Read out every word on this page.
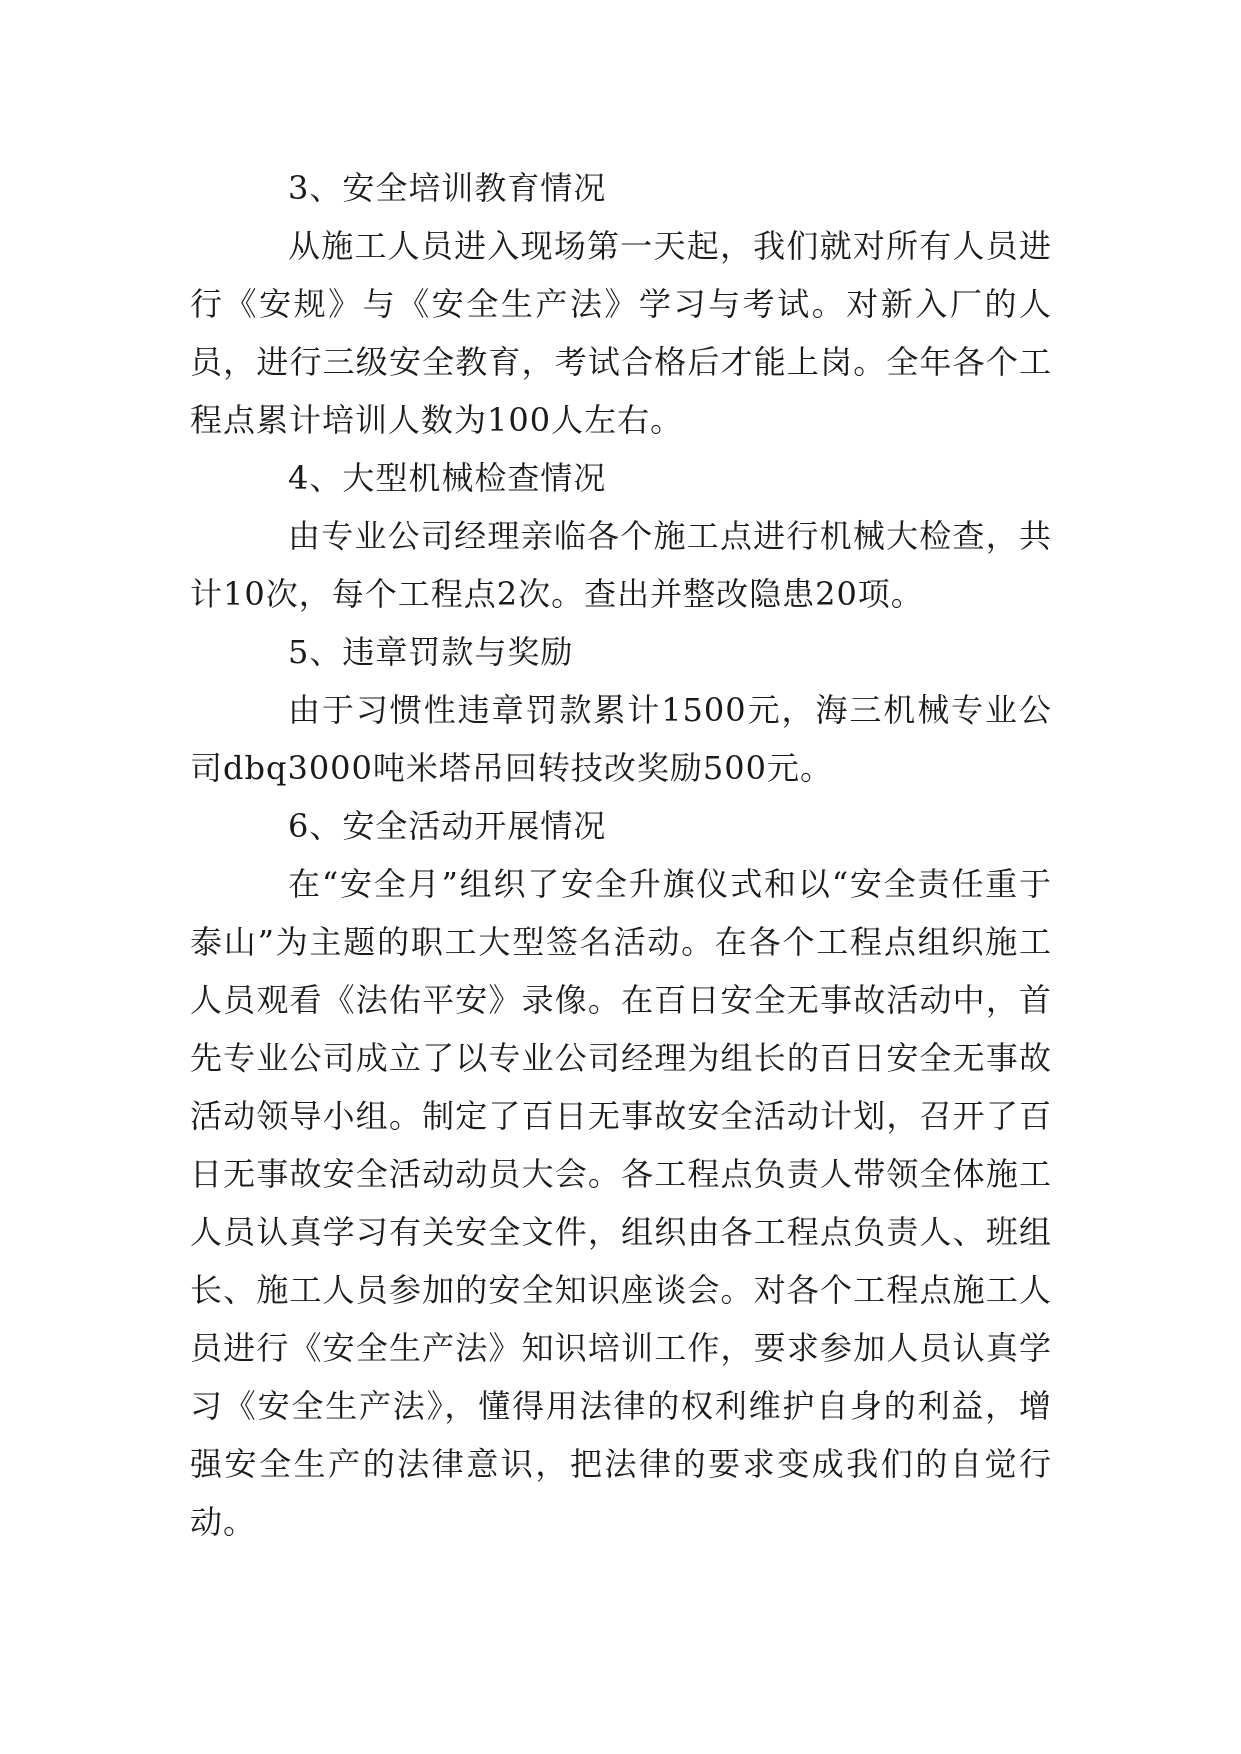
3、安全培训教育情况

从施工人员进入现场第一天起，我们就对所有人员进行《安规》与《安全生产法》学习与考试。对新入厂的人员，进行三级安全教育，考试合格后才能上岗。全年各个工程点累计培训人数为100人左右。

4、大型机械检查情况

由专业公司经理亲临各个施工点进行机械大检查，共计10次，每个工程点2次。查出并整改隐患20项。

5、违章罚款与奖励

由于习惯性违章罚款累计1500元，海三机械专业公司dbq3000吨米塔吊回转技改奖励500元。

6、安全活动开展情况

在“安全月”组织了安全升旗仪式和以“安全责任重于泰山”为主题的职工大型签名活动。在各个工程点组织施工人员观看《法佑平安》录像。在百日安全无事故活动中，首先专业公司成立了以专业公司经理为组长的百日安全无事故活动领导小组。制定了百日无事故安全活动计划，召开了百日无事故安全活动动员大会。各工程点负责人带领全体施工人员认真学习有关安全文件，组织由各工程点负责人、班组长、施工人员参加的安全知识座谈会。对各个工程点施工人员进行《安全生产法》知识培训工作，要求参加人员认真学习《安全生产法》，懂得用法律的权利维护自身的利益，增强安全生产的法律意识，把法律的要求变成我们的自觉行动。
